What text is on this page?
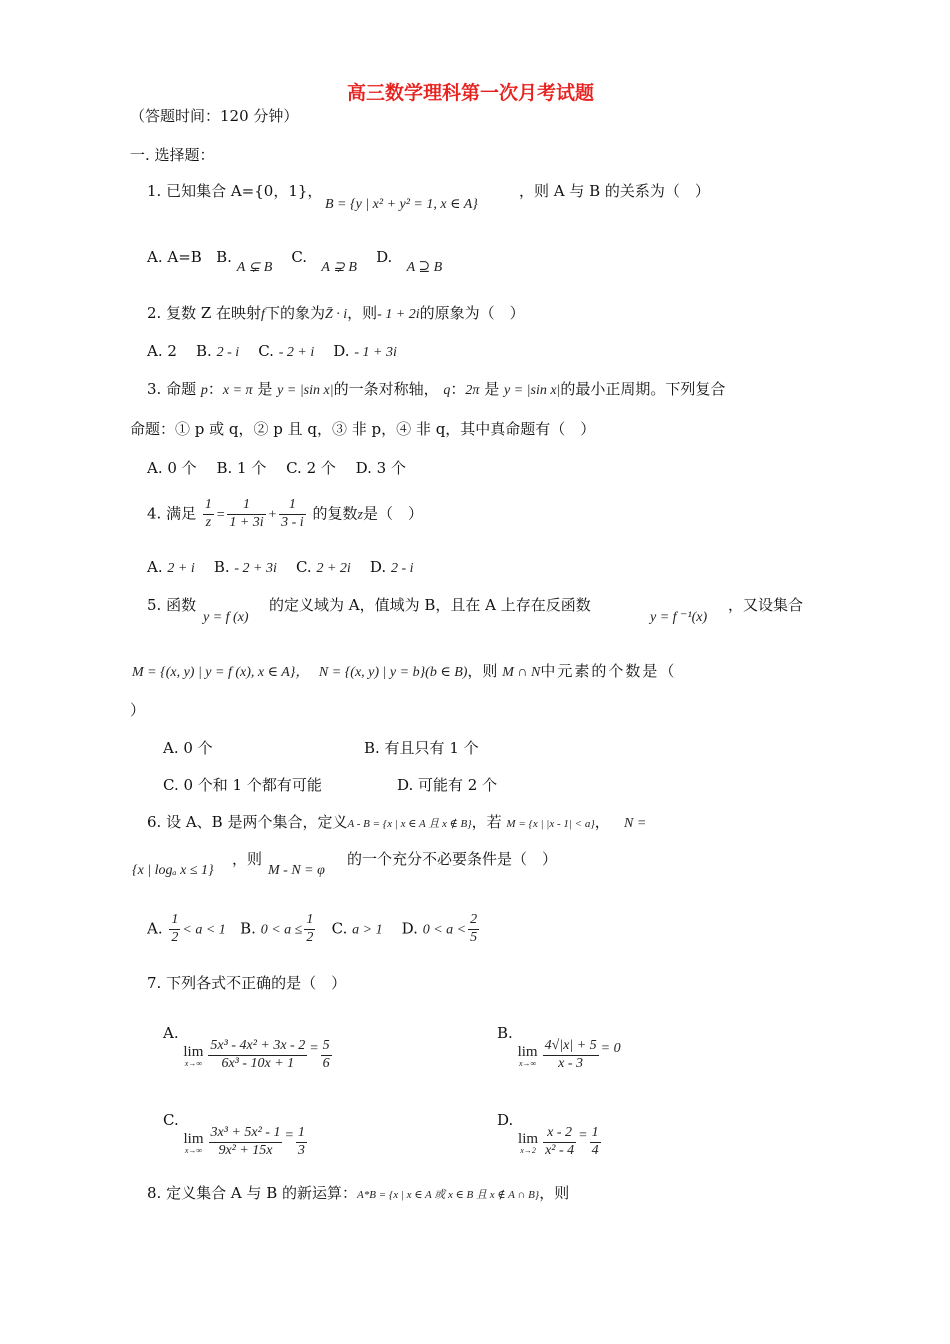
高三数学理科第一次月考试题
（答题时间：120 分钟）
一. 选择题：
1. 已知集合 A={0，1}，
B = {y | x² + y² = 1, x ∈ A}
，则 A 与 B 的关系为（　）
A. A=B B. A ⊊ B    C.   A ⊋ B    D.   A ⊇ B
2. 复数 Z 在映射f下的象为Z̄ · i，则- 1 + 2i的原象为（　）
A. 2 B. 2 - i C. - 2 + i D. - 1 + 3i
3. 命题 p：x = π 是 y = |sin x|的一条对称轴， q：2π 是 y = |sin x|的最小正周期。下列复合
命题：① p 或 q，② p 且 q，③ 非 p，④ 非 q，其中真命题有（　）
A. 0 个　 B. 1 个　 C. 2 个　 D. 3 个
4. 满足 $\frac{1}{z} = \frac{1}{1 + 3i} + \frac{1}{3 - i}$ 的复数z是（　）
A. 2 + i B. - 2 + 3i C. 2 + 2i D. 2 - i
5. 函数
y = f (x)
的定义域为 A，值域为 B，且在 A 上存在反函数
y = f ⁻¹(x)
，又设集合
M = {(x, y) | y = f (x), x ∈ A}， N = {(x, y) | y = b}(b ∈ B)，则 M ∩ N中元素的个数是（
）
A. 0 个	B. 有且只有 1 个
C. 0 个和 1 个都有可能	D. 可能有 2 个
6. 设 A、B 是两个集合，定义A - B = {x | x ∈ A 且 x ∉ B}，若 M = {x | |x - 1| < a}， N =
{x | logₐ x ≤ 1}
，则
M - N = φ
的一个充分不必要条件是（　）
A. $\frac{1}{2} < a < 1$ B. $0 < a \le \frac{1}{2} C$. a > 1 D. $0 < a < \frac{2}{5}$
7. 下列各式不正确的是（　）
A.
lim
$x\to\infty \frac{\text{5x³ - 4x² + 3x - 2}}{\text{6x³ - 10x + 1}} = \frac{5}{6}$
B.
lim
$x\to\infty \frac{4√|x| + 5}{x - 3} = 0$
C.
lim
$x\to\infty \frac{\text{3x³ + 5x² - 1}}{\text{9x² + 15x}} = \frac{1}{3}$
D.
lim
$x\to 2 \frac{x - 2}{\text{x² - 4}} = \frac{1}{4}$
8. 定义集合 A 与 B 的新运算：A*B = {x | x ∈ A 或 x ∈ B 且 x ∉ A ∩ B}，则
